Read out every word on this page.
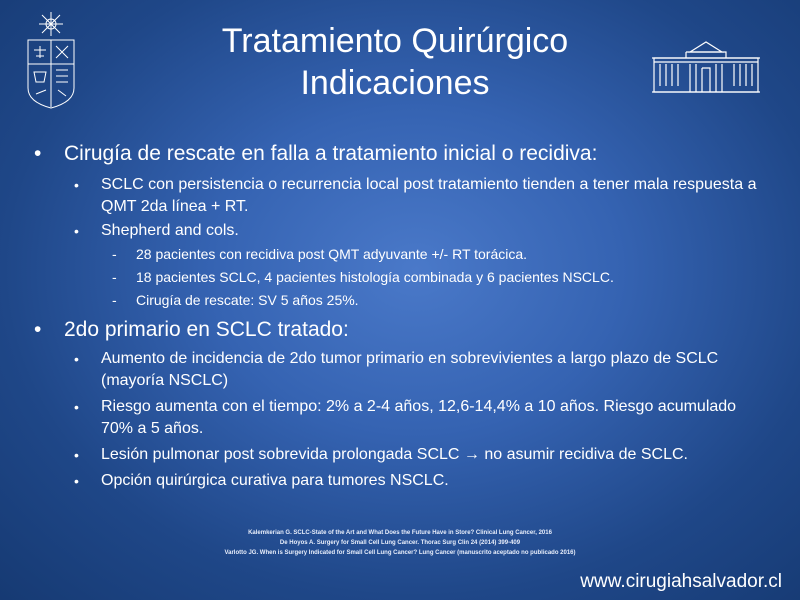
Tratamiento Quirúrgico
Indicaciones
• Cirugía de rescate en falla a tratamiento inicial o recidiva:
• SCLC con persistencia o recurrencia local post tratamiento tienden a tener mala respuesta a QMT 2da línea + RT.
• Shepherd and cols.
- 28 pacientes con recidiva post QMT adyuvante +/- RT torácica.
- 18 pacientes SCLC, 4 pacientes histología combinada y 6 pacientes NSCLC.
- Cirugía de rescate: SV 5 años 25%.
• 2do primario en SCLC tratado:
• Aumento de incidencia de 2do tumor primario en sobrevivientes a largo plazo de SCLC (mayoría NSCLC)
• Riesgo aumenta con el tiempo: 2% a 2-4 años, 12,6-14,4% a 10 años. Riesgo acumulado 70% a 5 años.
• Lesión pulmonar post sobrevida prolongada SCLC → no asumir recidiva de SCLC.
• Opción quirúrgica curativa para tumores NSCLC.
Kalemkerian G. SCLC-State of the Art and What Does the Future Have in Store? Clinical Lung Cancer, 2016
De Hoyos A. Surgery for Small Cell Lung Cancer. Thorac Surg Clin 24 (2014) 399-409
Varlotto JG. When is Surgery Indicated for Small Cell Lung Cancer? Lung Cancer (manuscrito aceptado no publicado 2016)
www.cirugiahsalvador.cl
